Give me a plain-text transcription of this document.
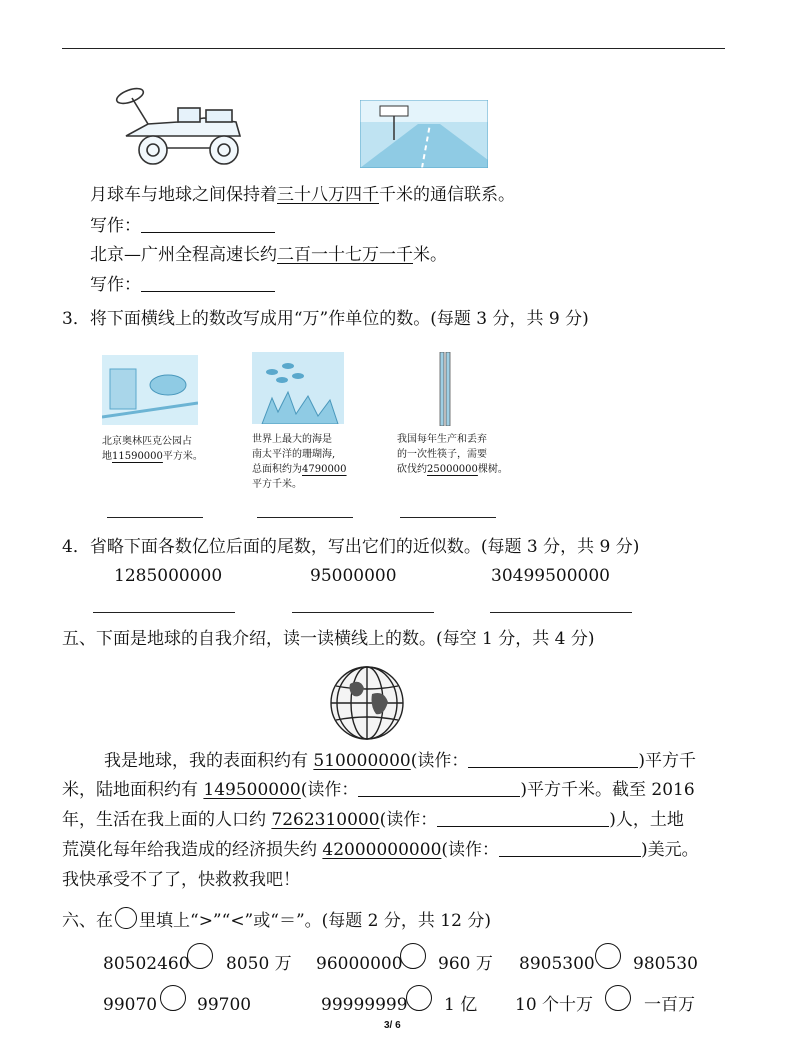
月球车与地球之间保持着三十八万四千千米的通信联系。
写作：
北京—广州全程高速长约二百一十七万一千米。
写作：
3．将下面横线上的数改写成用“万”作单位的数。(每题 3 分，共 9 分)
北京奥林匹克公园占
地11590000平方米。
世界上最大的海是
南太平洋的珊瑚海,
总面积约为4790000
平方千米。
我国每年生产和丢弃
的一次性筷子，需要
砍伐约25000000棵树。
4．省略下面各数亿位后面的尾数，写出它们的近似数。(每题 3 分，共 9 分)
1285000000	95000000	30499500000
五、下面是地球的自我介绍，读一读横线上的数。(每空 1 分，共 4 分)
我是地球，我的表面积约有 510000000(读作：	)平方千
米，陆地面积约有 149500000(读作：	)平方千米。截至 2016
年，生活在我上面的人口约 7262310000(读作：	)人，土地
荒漠化每年给我造成的经济损失约 42000000000(读作：	)美元。
我快承受不了了，快救救我吧！
六、在 里填上“>”“<”或“＝”。(每题 2 分，共 12 分)
80502460 8050 万 96000000 960 万 8905300 980530
99070 99700	99999999 1 亿 10 个十万	一百万
3/ 6
